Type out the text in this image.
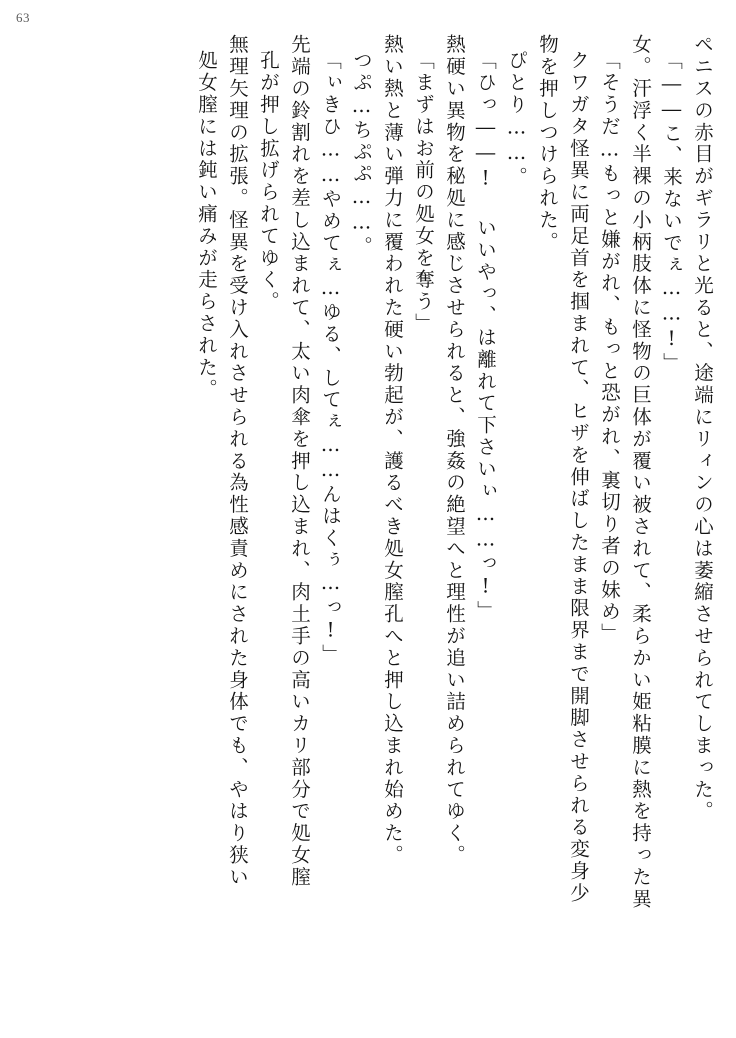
63
ペニスの赤目がギラリと光ると、途端にリィンの心は萎縮させられてしまった。
「――こ、来ないでぇ……!」
女。汗浮く半裸の小柄肢体に怪物の巨体が覆い被されて、柔らかい姫粘膜に熱を持った異
「そうだ…もっと嫌がれ、もっと恐がれ、裏切り者の妹め」
クワガタ怪異に両足首を掴まれて、ヒザを伸ばしたまま限界まで開脚させられる変身少
物を押しつけられた。
ぴとり……。
「ひっ――! いいやっ、は離れて下さいぃ……っ!」
熱硬い異物を秘処に感じさせられると、強姦の絶望へと理性が追い詰められてゆく。
「まずはお前の処女を奪う」
熱い熱と薄い弾力に覆われた硬い勃起が、護るべき処女膣孔へと押し込まれ始めた。
つぷ…ちぷぷ……。
「ぃきひ……やめてぇ…ゆる、してぇ……んはくぅ…っ!」
先端の鈴割れを差し込まれて、太い肉傘を押し込まれ、肉土手の高いカリ部分で処女膣
孔が押し拡げられてゆく。
無理矢理の拡張。怪異を受け入れさせられる為性感責めにされた身体でも、やはり狭い
処女膣には鈍い痛みが走らされた。
